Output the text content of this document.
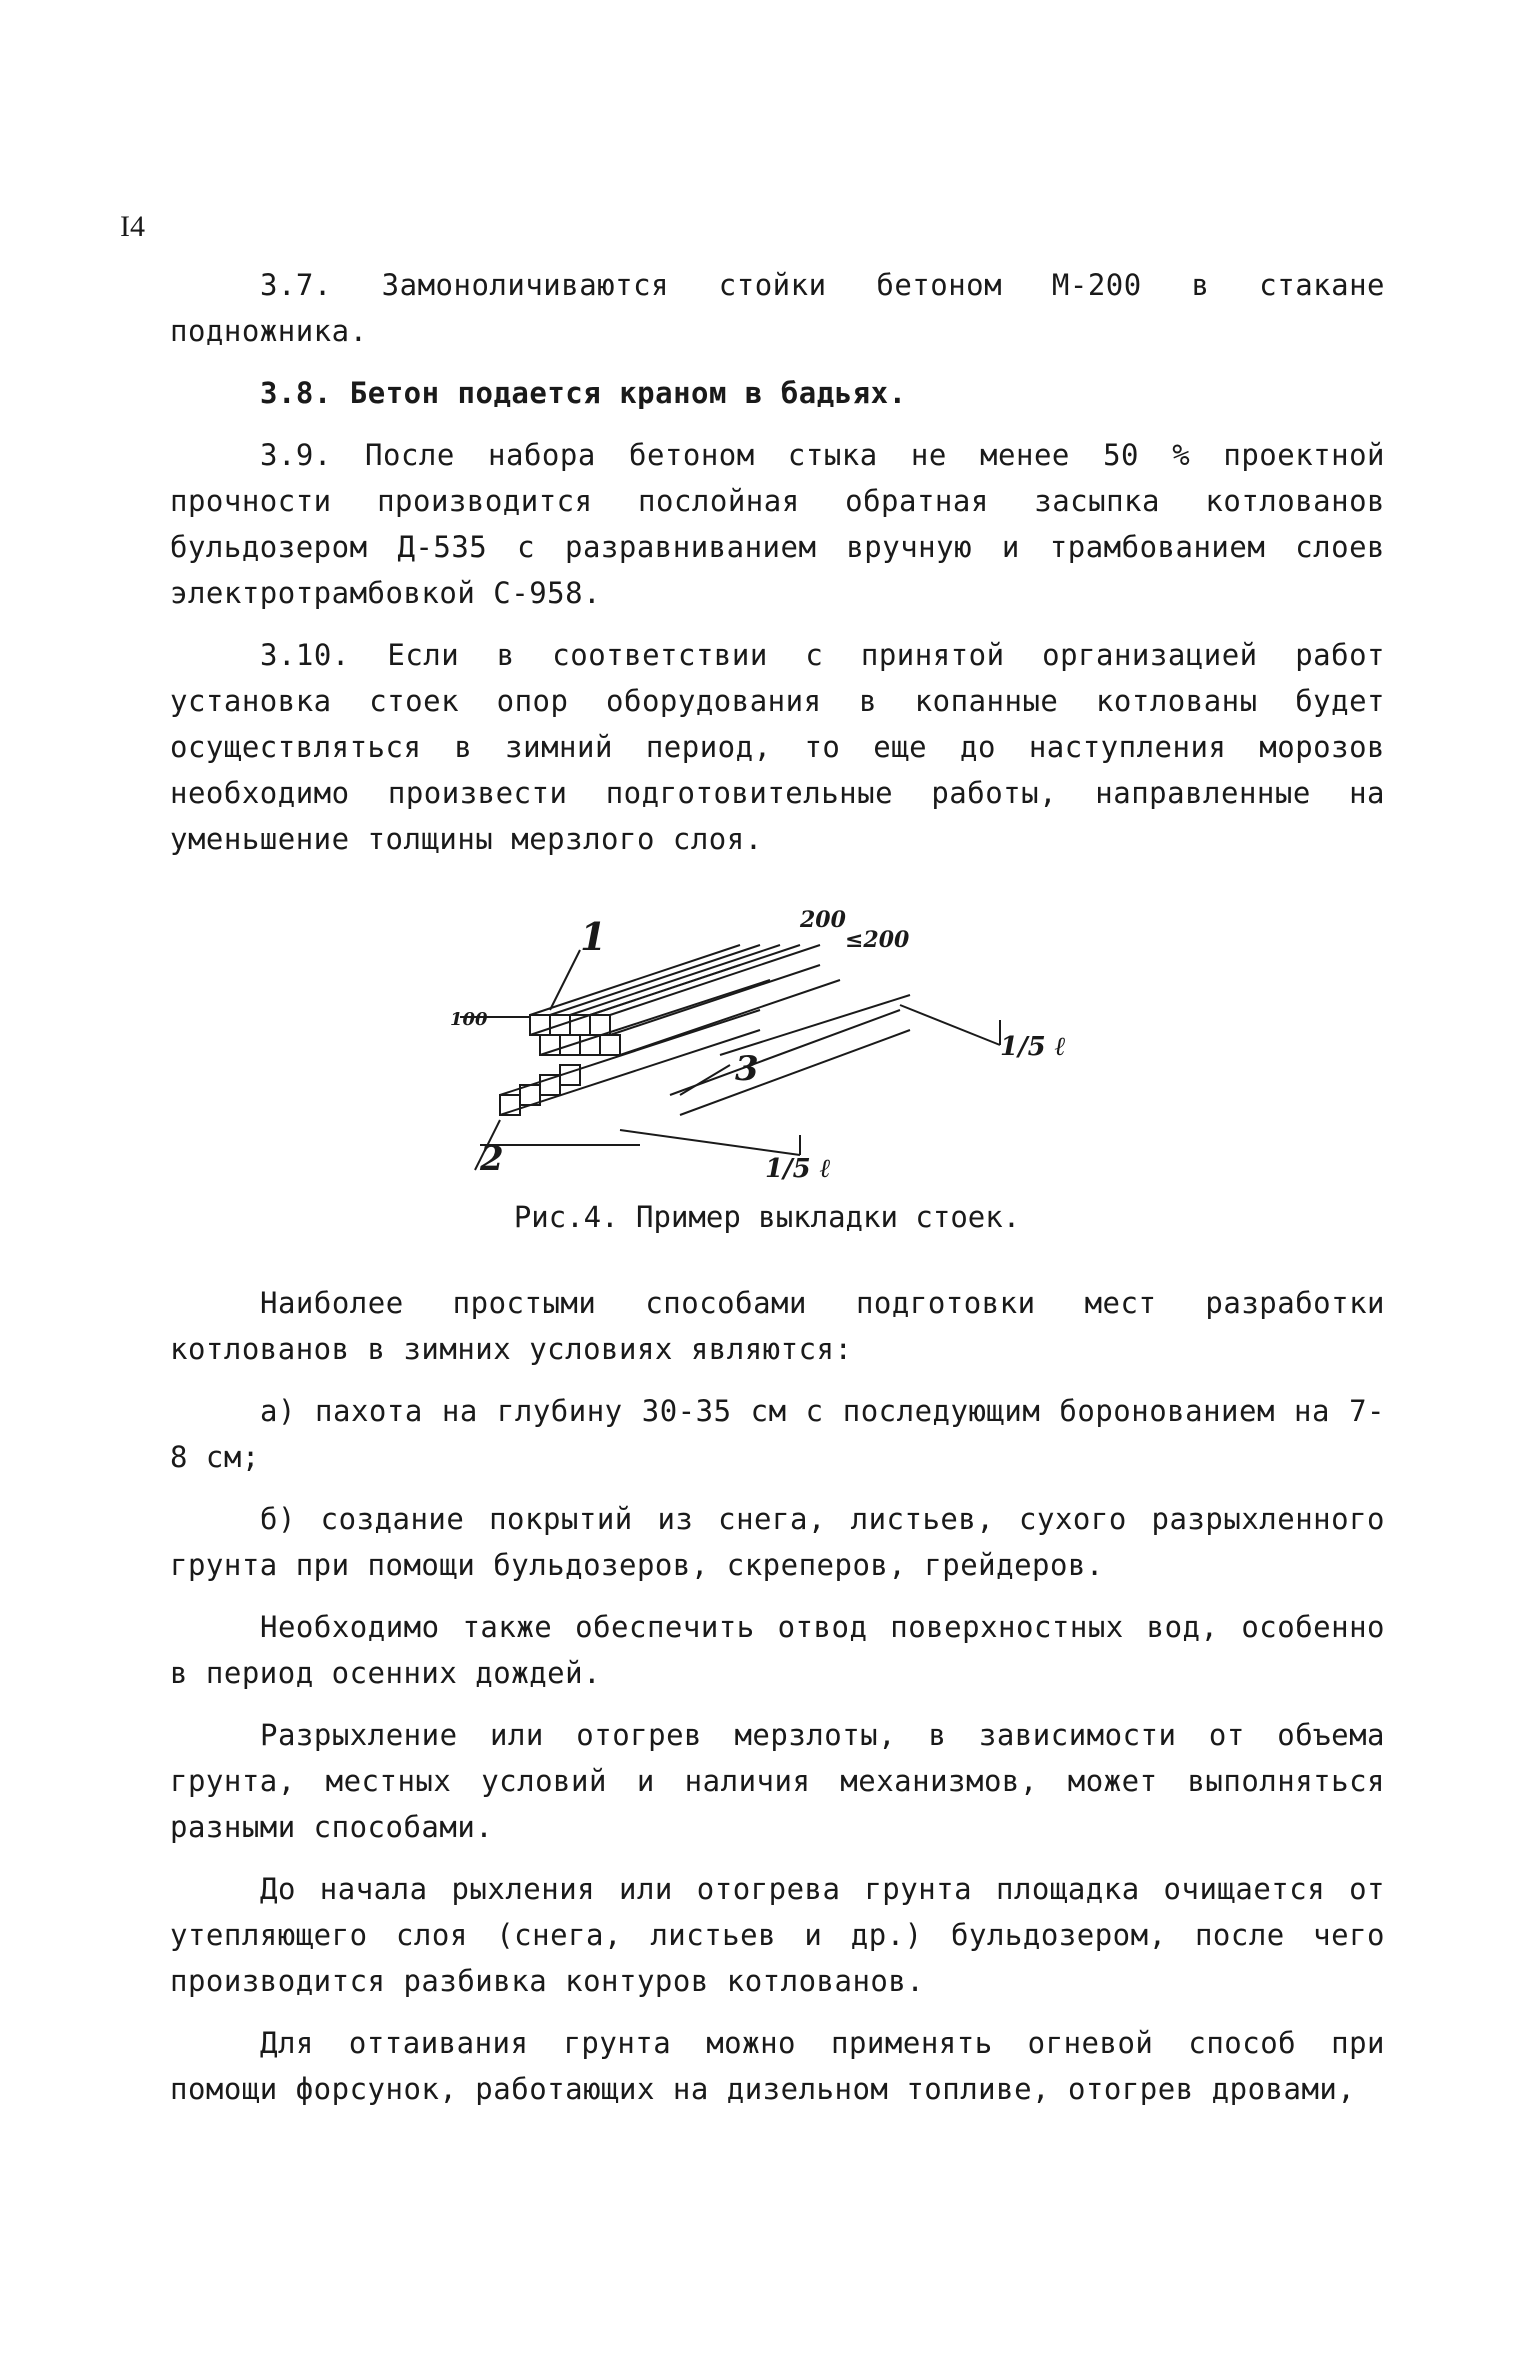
I4

3.7. Замоноличиваются стойки бетоном М-200 в стакане подножника.

3.8. Бетон подается краном в бадьях.

3.9. После набора бетоном стыка не менее 50 % проектной прочности производится послойная обратная засыпка котлованов бульдозером Д-535 с разравниванием вручную и трамбованием слоев электротрамбовкой С-958.

3.10. Если в соответствии с принятой организацией работ установка стоек опор оборудования в копанные котлованы будет осуществляться в зимний период, то еще до наступления морозов необходимо произвести подготовительные работы, направленные на уменьшение толщины мерзлого слоя.

1
2
3
100
200
≤200
1/5 ℓ
1/5 ℓ
Рис.4. Пример выкладки стоек.

Наиболее простыми способами подготовки мест разработки котлованов в зимних условиях являются:

а) пахота на глубину 30-35 см с последующим боронованием на 7-8 см;

б) создание покрытий из снега, листьев, сухого разрыхленного грунта при помощи бульдозеров, скреперов, грейдеров.

Необходимо также обеспечить отвод поверхностных вод, особенно в период осенних дождей.

Разрыхление или отогрев мерзлоты, в зависимости от объема грунта, местных условий и наличия механизмов, может выполняться разными способами.

До начала рыхления или отогрева грунта площадка очищается от утепляющего слоя (снега, листьев и др.) бульдозером, после чего производится разбивка контуров котлованов.

Для оттаивания грунта можно применять огневой способ при помощи форсунок, работающих на дизельном топливе, отогрев дровами,
